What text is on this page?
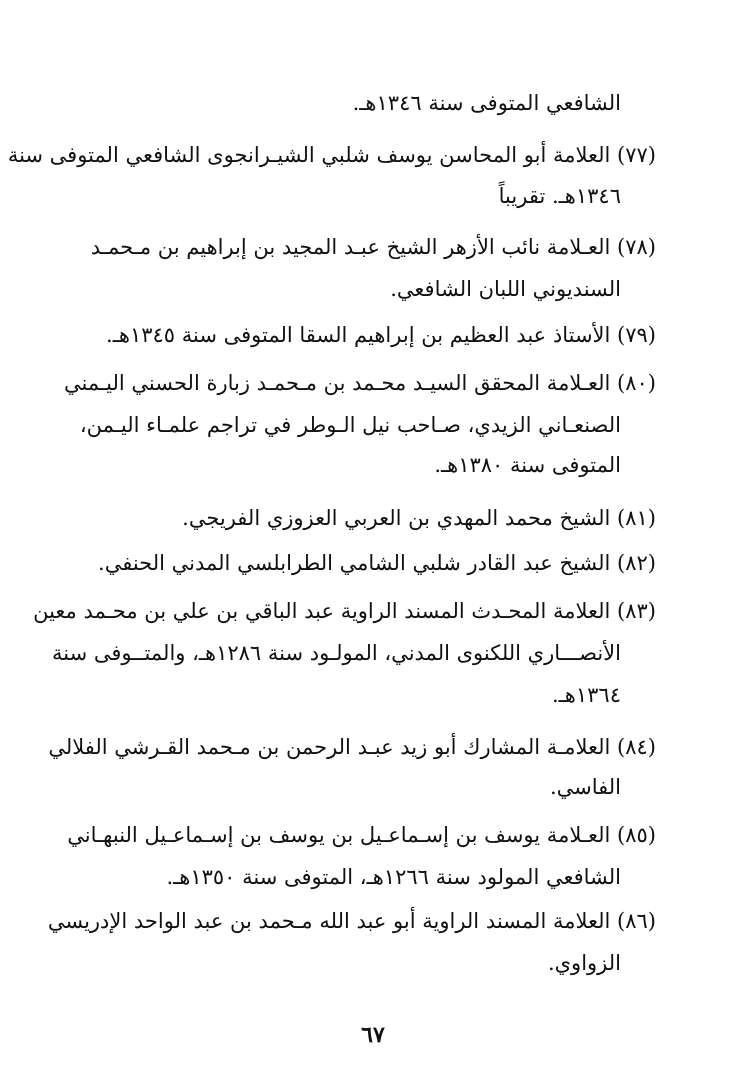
الشافعي المتوفى سنة ١٣٤٦هـ.
(٧٧) العلامة أبو المحاسن يوسف شلبي الشيـرانجوى الشافعي المتوفى سنة
١٣٤٦هـ. تقريباً
(٧٨) العـلامة نائب الأزهر الشيخ عبـد المجيد بن إبراهيم بن مـحمـد
السنديوني اللبان الشافعي.
(٧٩) الأستاذ عبد العظيم بن إبراهيم السقا المتوفى سنة ١٣٤٥هـ.
(٨٠) العـلامة المحقق السيـد محـمد بن مـحمـد زبارة الحسني اليـمني
الصنعـاني الزيدي، صـاحب نيل الـوطر في تراجم علمـاء اليـمن،
المتوفى سنة ١٣٨٠هـ.
(٨١) الشيخ محمد المهدي بن العربي العزوزي الفريجي.
(٨٢) الشيخ عبد القادر شلبي الشامي الطرابلسي المدني الحنفي.
(٨٣) العلامة المحـدث المسند الراوية عبد الباقي بن علي بن محـمد معين
الأنصـــاري اللكنوى المدني، المولـود سنة ١٢٨٦هـ، والمتــوفى سنة
١٣٦٤هـ.
(٨٤) العلامـة المشارك أبو زيد عبـد الرحمن بن مـحمد القـرشي الفلالي
الفاسي.
(٨٥) العـلامة يوسف بن إسـماعـيل بن يوسف بن إسـماعـيل النبهـاني
الشافعي المولود سنة ١٢٦٦هـ، المتوفى سنة ١٣٥٠هـ.
(٨٦) العلامة المسند الراوية أبو عبد الله مـحمد بن عبد الواحد الإدريسي
الزواوي.
٦٧
